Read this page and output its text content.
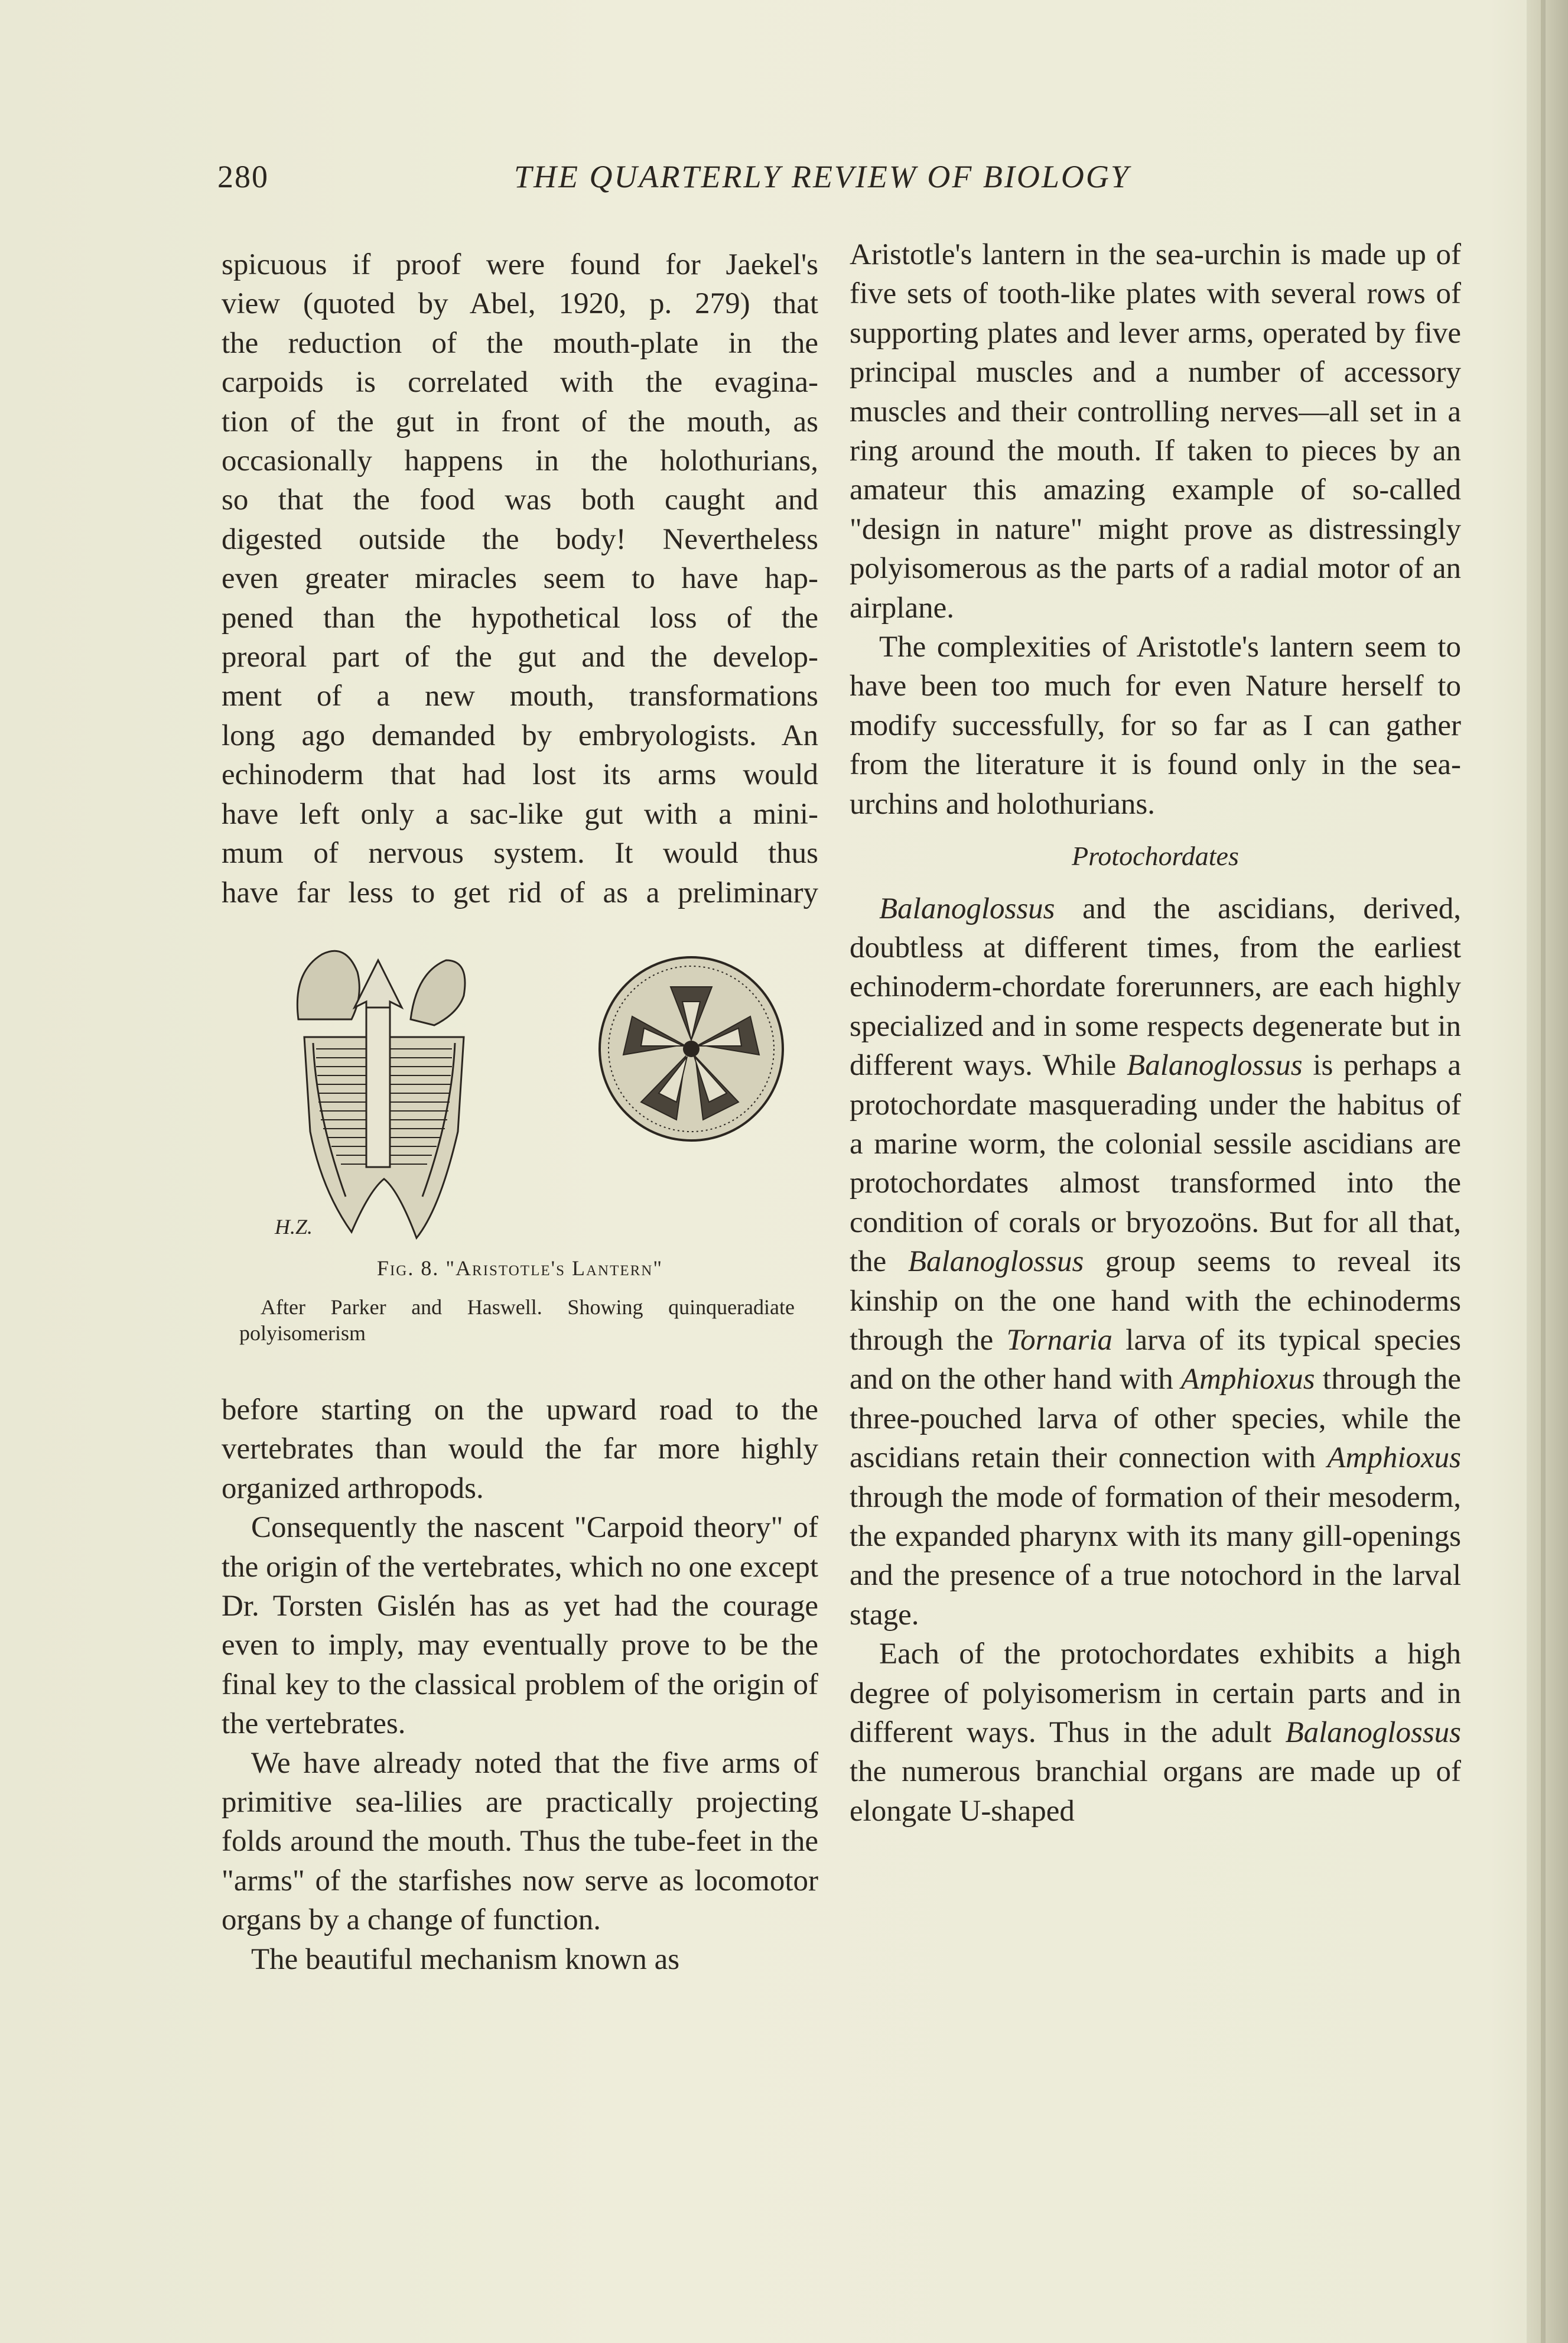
280	THE QUARTERLY REVIEW OF BIOLOGY
spicuous if proof were found for Jaekel's
view (quoted by Abel, 1920, p. 279) that
the reduction of the mouth-plate in the
carpoids is correlated with the evagina-
tion of the gut in front of the mouth, as
occasionally happens in the holothurians,
so that the food was both caught and
digested outside the body! Nevertheless
even greater miracles seem to have hap-
pened than the hypothetical loss of the
preoral part of the gut and the develop-
ment of a new mouth, transformations
long ago demanded by embryologists. An
echinoderm that had lost its arms would
have left only a sac-like gut with a mini-
mum of nervous system. It would thus
have far less to get rid of as a preliminary
H.Z.
Fig. 8. "Aristotle's Lantern"
After Parker and Haswell. Showing quinqueradiate polyisomerism

before starting on the upward road to the vertebrates than would the far more highly organized arthropods.

Consequently the nascent "Carpoid theory" of the origin of the vertebrates, which no one except Dr. Torsten Gislén has as yet had the courage even to imply, may eventually prove to be the final key to the classical problem of the origin of the vertebrates.

We have already noted that the five arms of primitive sea-lilies are practically projecting folds around the mouth. Thus the tube-feet in the "arms" of the starfishes now serve as locomotor organs by a change of function.

The beautiful mechanism known as

Aristotle's lantern in the sea-urchin is made up of five sets of tooth-like plates with several rows of supporting plates and lever arms, operated by five principal muscles and a number of accessory muscles and their controlling nerves—all set in a ring around the mouth. If taken to pieces by an amateur this amazing example of so-called "design in nature" might prove as distressingly polyisomerous as the parts of a radial motor of an airplane.

The complexities of Aristotle's lantern seem to have been too much for even Nature herself to modify successfully, for so far as I can gather from the literature it is found only in the sea-urchins and holothurians.

Protochordates

Balanoglossus and the ascidians, derived, doubtless at different times, from the earliest echinoderm-chordate forerunners, are each highly specialized and in some respects degenerate but in different ways. While Balanoglossus is perhaps a protochordate masquerading under the habitus of a marine worm, the colonial sessile ascidians are protochordates almost transformed into the condition of corals or bryozoöns. But for all that, the Balanoglossus group seems to reveal its kinship on the one hand with the echinoderms through the Tornaria larva of its typical species and on the other hand with Amphioxus through the three-pouched larva of other species, while the ascidians retain their connection with Amphioxus through the mode of formation of their mesoderm, the expanded pharynx with its many gill-openings and the presence of a true notochord in the larval stage.

Each of the protochordates exhibits a high degree of polyisomerism in certain parts and in different ways. Thus in the adult Balanoglossus the numerous branchial organs are made up of elongate U-shaped
